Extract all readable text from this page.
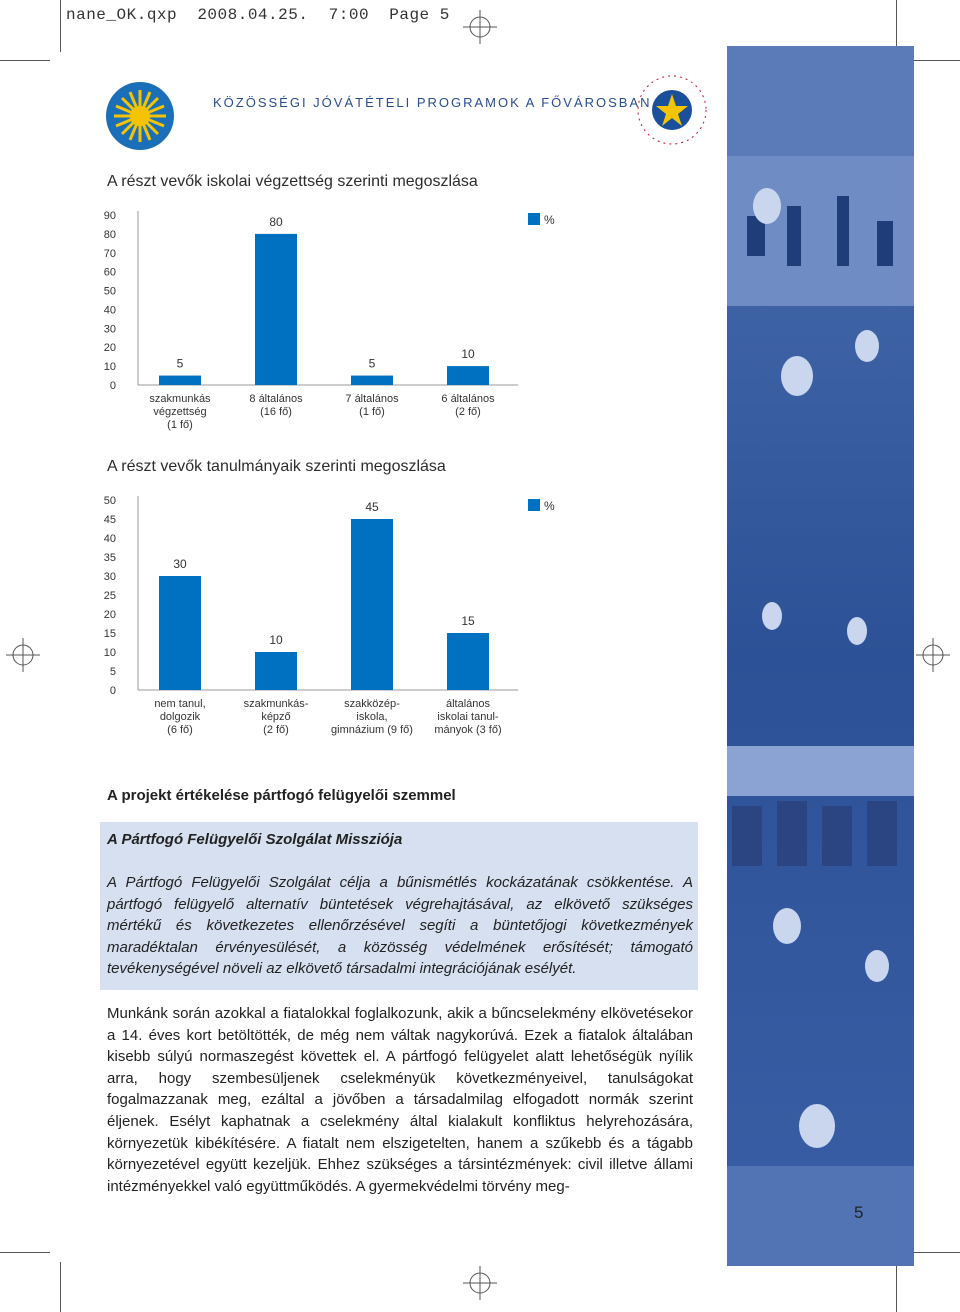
nane_OK.qxp  2008.04.25.  7:00  Page 5
KÖZÖSSÉGI JÓVÁTÉTELI PROGRAMOK A FŐVÁROSBAN
A részt vevők iskolai végzettség szerinti megoszlása
0
10
20
30
40
50
60
70
80
90
5
szakmunkás
végzettség
(1 fő)
80
8 általános
(16 fő)
5
7 általános
(1 fő)
10
6 általános
(2 fő)
%
A részt vevők tanulmányaik szerinti megoszlása
0
5
10
15
20
25
30
35
40
45
50
30
nem tanul,
dolgozik
(6 fő)
10
szakmunkás-
képző
(2 fő)
45
szakközép-
iskola,
gimnázium (9 fő)
15
általános
iskolai tanul-
mányok (3 fő)
%
A projekt értékelése pártfogó felügyelői szemmel
A Pártfogó Felügyelői Szolgálat Missziója
A Pártfogó Felügyelői Szolgálat célja a bűnismétlés kockázatának csökkentése. A pártfogó felügyelő alternatív büntetések végrehajtásával, az elkövető szükséges mértékű és következetes ellenőrzésével segíti a büntetőjogi következmények maradéktalan érvényesülését, a közösség védelmének erősítését; támogató tevékenységével növeli az elkövető társadalmi integrációjának esélyét.
Munkánk során azokkal a fiatalokkal foglalkozunk, akik a bűncselekmény elkövetésekor a 14. éves kort betöltötték, de még nem váltak nagykorúvá. Ezek a fiatalok általában kisebb súlyú normaszegést követtek el. A pártfogó felügyelet alatt lehetőségük nyílik arra, hogy szembesüljenek cselekményük következményeivel, tanulságokat fogalmazzanak meg, ezáltal a jövőben a társadalmilag elfogadott normák szerint éljenek. Esélyt kaphatnak a cselekmény által kialakult konfliktus helyrehozására, környezetük kibékítésére. A fiatalt nem elszigetelten, hanem a szűkebb és a tágabb környezetével együtt kezeljük. Ehhez szükséges a társintézmények: civil illetve állami intézményekkel való együttműködés. A gyermekvédelmi törvény meg-
5
